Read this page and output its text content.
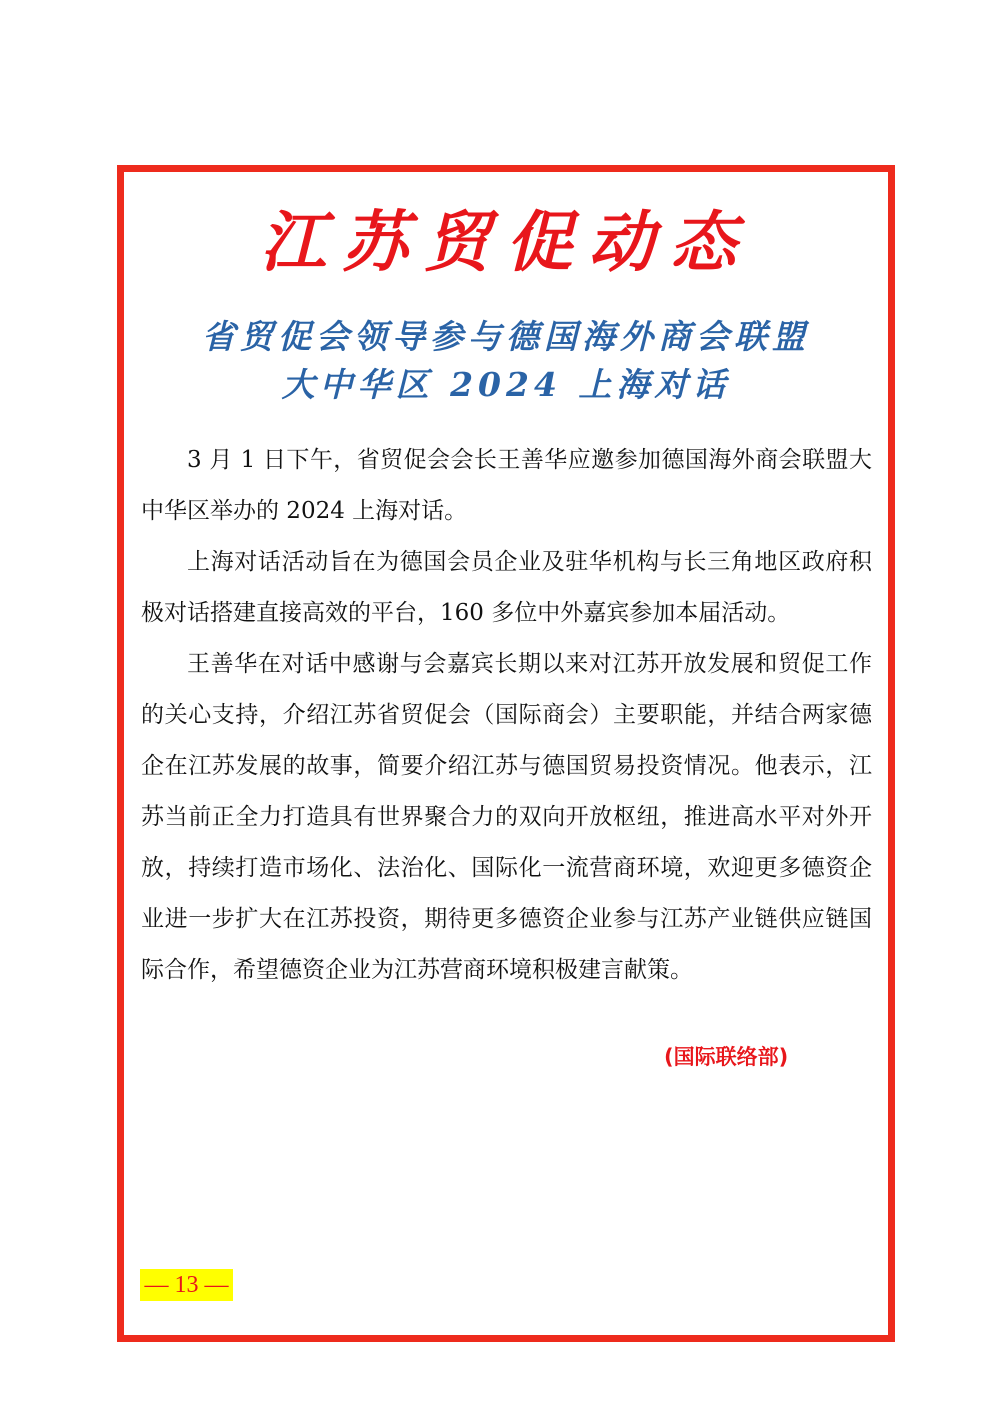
江苏贸促动态
省贸促会领导参与德国海外商会联盟
大中华区 2024 上海对话

3 月 1 日下午，省贸促会会长王善华应邀参加德国海外商会联盟大中华区举办的 2024 上海对话。

上海对话活动旨在为德国会员企业及驻华机构与长三角地区政府积极对话搭建直接高效的平台，160 多位中外嘉宾参加本届活动。

王善华在对话中感谢与会嘉宾长期以来对江苏开放发展和贸促工作的关心支持，介绍江苏省贸促会（国际商会）主要职能，并结合两家德企在江苏发展的故事，简要介绍江苏与德国贸易投资情况。他表示，江苏当前正全力打造具有世界聚合力的双向开放枢纽，推进高水平对外开放，持续打造市场化、法治化、国际化一流营商环境，欢迎更多德资企业进一步扩大在江苏投资，期待更多德资企业参与江苏产业链供应链国际合作，希望德资企业为江苏营商环境积极建言献策。

(国际联络部)
— 13 —
